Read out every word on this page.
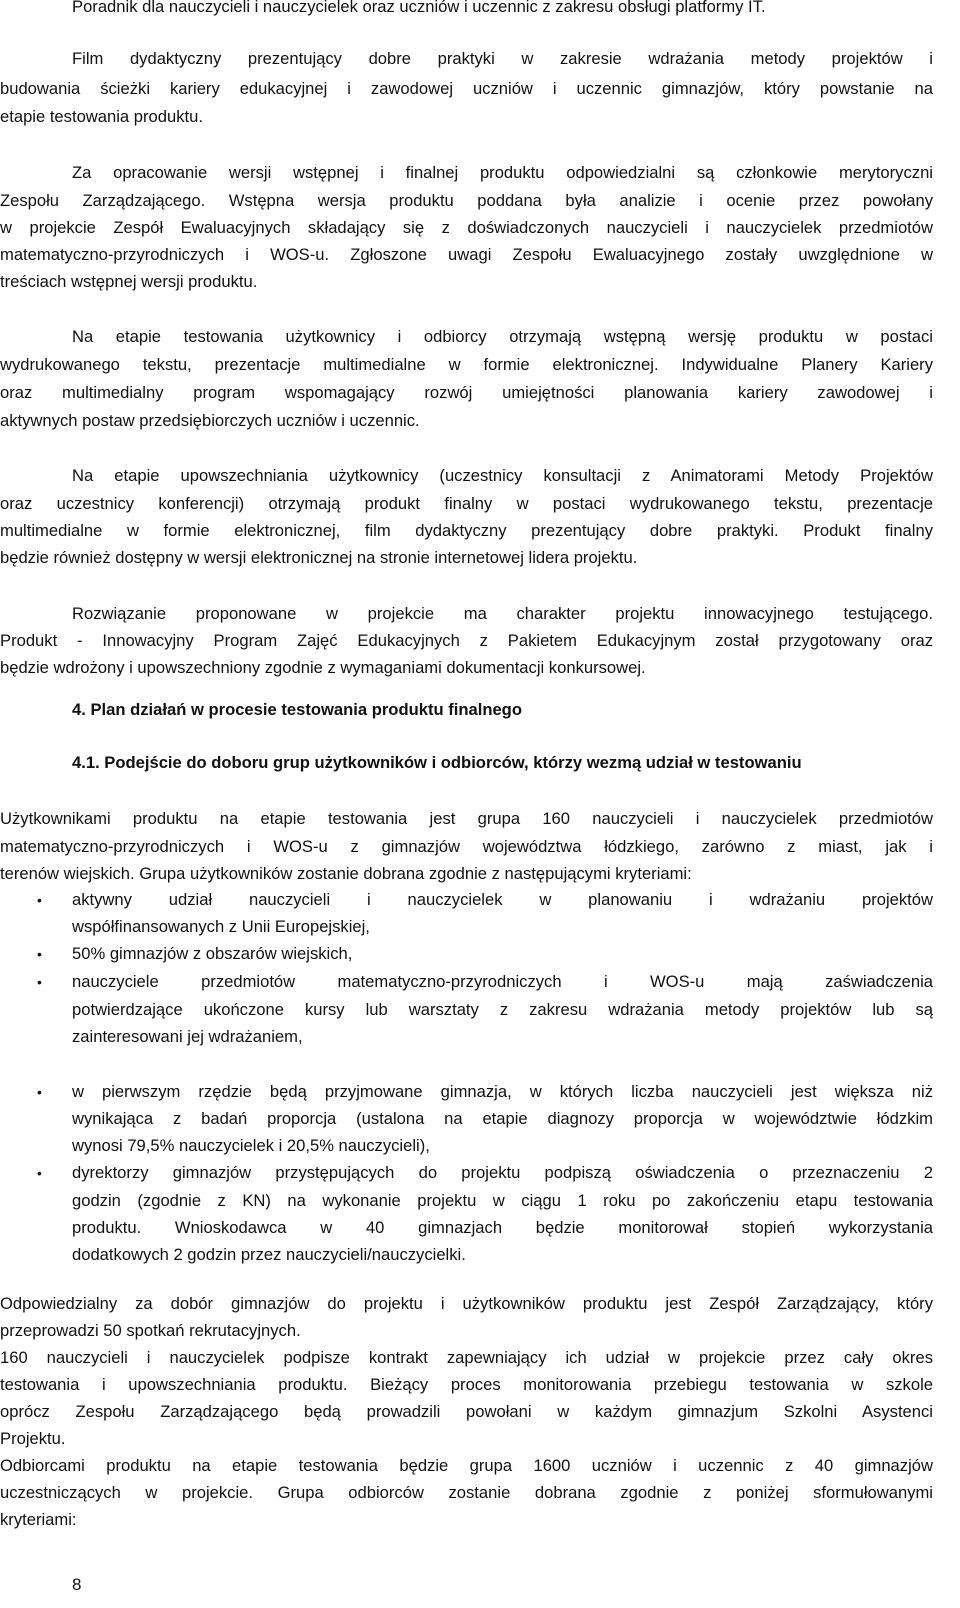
Poradnik dla nauczycieli i nauczycielek oraz uczniów i uczennic z zakresu obsługi platformy IT.
Film dydaktyczny prezentujący dobre praktyki w zakresie wdrażania metody projektów i
budowania ścieżki kariery edukacyjnej i zawodowej uczniów i uczennic gimnazjów, który powstanie na
etapie testowania produktu.
Za opracowanie wersji wstępnej i finalnej produktu odpowiedzialni są członkowie merytoryczni
Zespołu Zarządzającego. Wstępna wersja produktu poddana była analizie i ocenie przez powołany
w projekcie Zespół Ewaluacyjnych składający się z doświadczonych nauczycieli i nauczycielek przedmiotów
matematyczno-przyrodniczych i WOS-u. Zgłoszone uwagi Zespołu Ewaluacyjnego zostały uwzględnione w
treściach wstępnej wersji produktu.
Na etapie testowania użytkownicy i odbiorcy otrzymają wstępną wersję produktu w postaci
wydrukowanego tekstu, prezentacje multimedialne w formie elektronicznej. Indywidualne Planery Kariery
oraz multimedialny program wspomagający rozwój umiejętności planowania kariery zawodowej i
aktywnych postaw przedsiębiorczych uczniów i uczennic.
Na etapie upowszechniania użytkownicy (uczestnicy konsultacji z Animatorami Metody Projektów
oraz uczestnicy konferencji) otrzymają produkt finalny w postaci wydrukowanego tekstu, prezentacje
multimedialne w formie elektronicznej, film dydaktyczny prezentujący dobre praktyki. Produkt finalny
będzie również dostępny w wersji elektronicznej na stronie internetowej lidera projektu.
Rozwiązanie proponowane w projekcie ma charakter projektu innowacyjnego testującego.
Produkt - Innowacyjny Program Zajęć Edukacyjnych z Pakietem Edukacyjnym został przygotowany oraz
będzie wdrożony i upowszechniony zgodnie z wymaganiami dokumentacji konkursowej.
4. Plan działań w procesie testowania produktu finalnego
4.1. Podejście do doboru grup użytkowników i odbiorców, którzy wezmą udział w testowaniu
Użytkownikami produktu na etapie testowania jest grupa 160 nauczycieli i nauczycielek przedmiotów
matematyczno-przyrodniczych i WOS-u z gimnazjów województwa łódzkiego, zarówno z miast, jak i
terenów wiejskich. Grupa użytkowników zostanie dobrana zgodnie z następującymi kryteriami:
• aktywny udział nauczycieli i nauczycielek w planowaniu i wdrażaniu projektów
współfinansowanych z Unii Europejskiej,
• 50% gimnazjów z obszarów wiejskich,
• nauczyciele przedmiotów matematyczno-przyrodniczych i WOS-u mają zaświadczenia
potwierdzające ukończone kursy lub warsztaty z zakresu wdrażania metody projektów lub są
zainteresowani jej wdrażaniem,
• w pierwszym rzędzie będą przyjmowane gimnazja, w których liczba nauczycieli jest większa niż
wynikająca z badań proporcja (ustalona na etapie diagnozy proporcja w województwie łódzkim
wynosi 79,5% nauczycielek i 20,5% nauczycieli),
• dyrektorzy gimnazjów przystępujących do projektu podpiszą oświadczenia o przeznaczeniu 2
godzin (zgodnie z KN) na wykonanie projektu w ciągu 1 roku po zakończeniu etapu testowania
produktu. Wnioskodawca w 40 gimnazjach będzie monitorował stopień wykorzystania
dodatkowych 2 godzin przez nauczycieli/nauczycielki.
Odpowiedzialny za dobór gimnazjów do projektu i użytkowników produktu jest Zespół Zarządzający, który
przeprowadzi 50 spotkań rekrutacyjnych.
160 nauczycieli i nauczycielek podpisze kontrakt zapewniający ich udział w projekcie przez cały okres
testowania i upowszechniania produktu. Bieżący proces monitorowania przebiegu testowania w szkole
oprócz Zespołu Zarządzającego będą prowadzili powołani w każdym gimnazjum Szkolni Asystenci
Projektu.
Odbiorcami produktu na etapie testowania będzie grupa 1600 uczniów i uczennic z 40 gimnazjów
uczestniczących w projekcie. Grupa odbiorców zostanie dobrana zgodnie z poniżej sformułowanymi
kryteriami:
8
